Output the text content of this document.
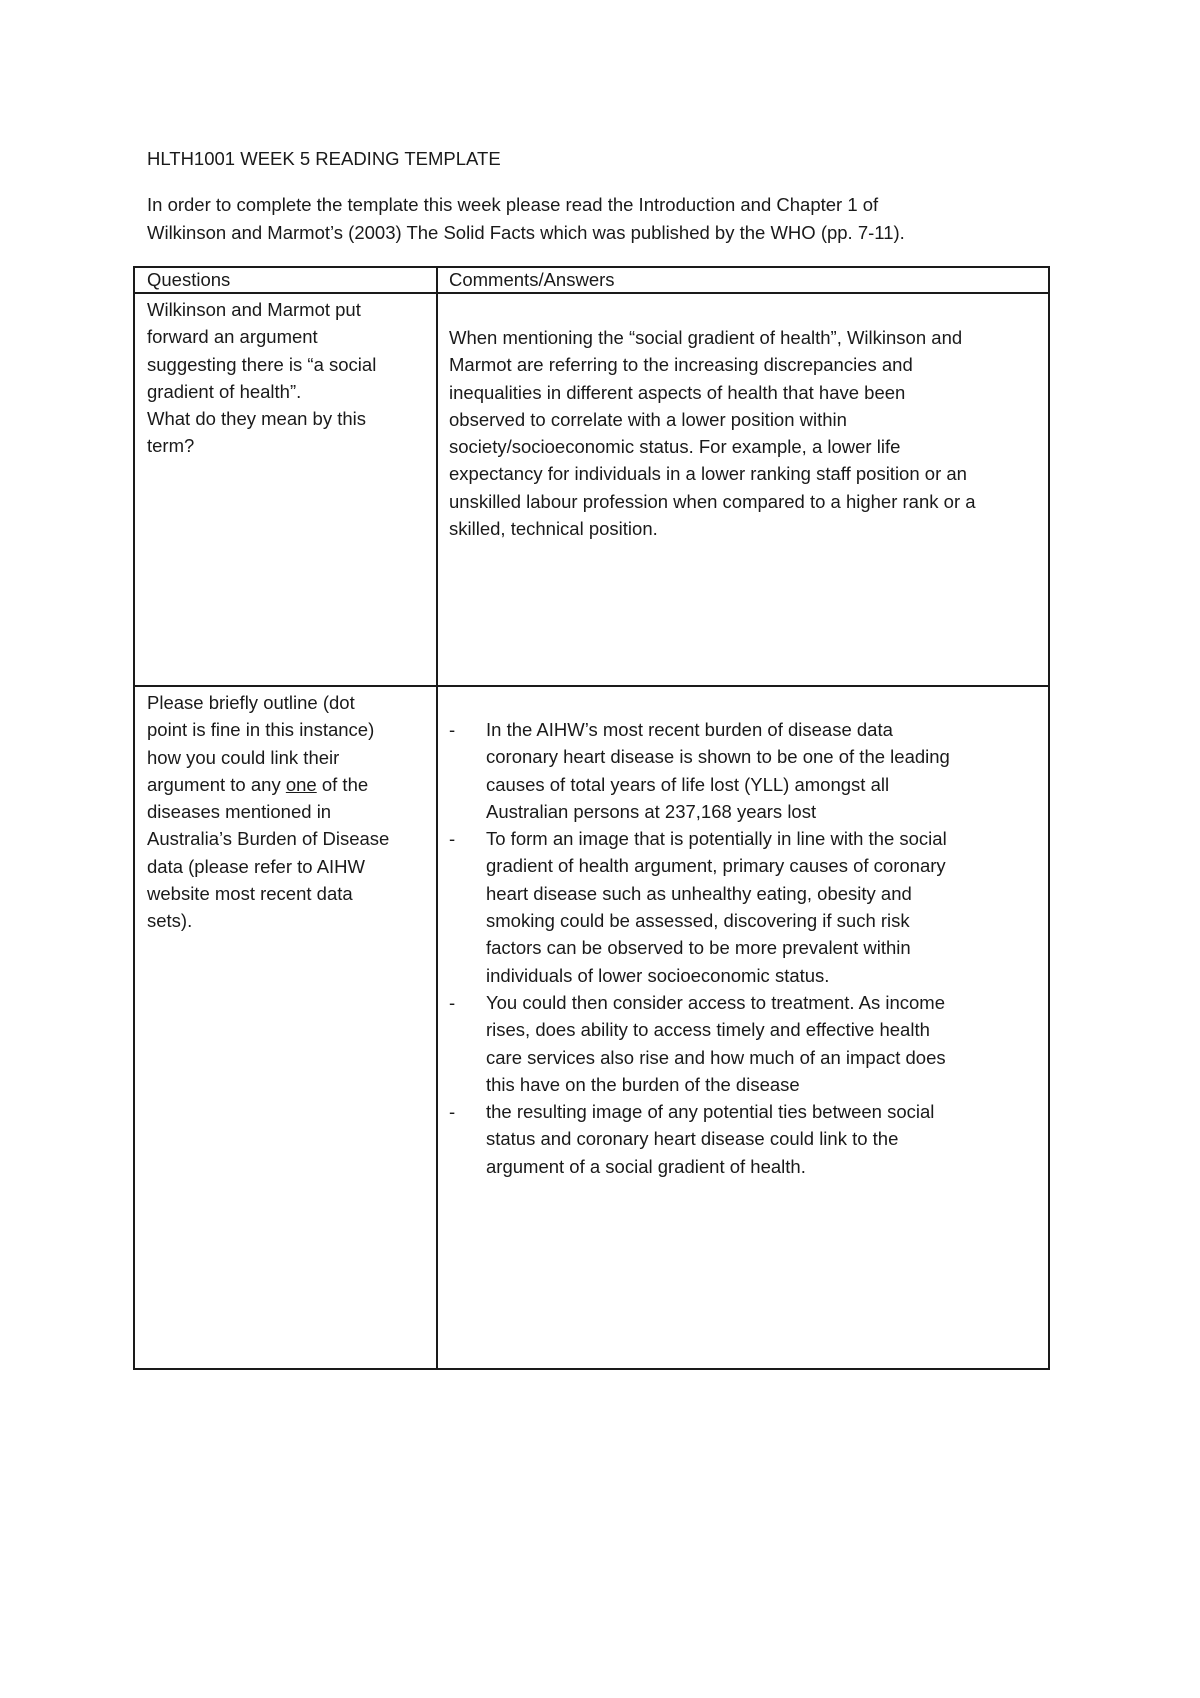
HLTH1001 WEEK 5 READING TEMPLATE
In order to complete the template this week please read the Introduction and Chapter 1 of
Wilkinson and Marmot’s (2003) The Solid Facts which was published by the WHO (pp. 7-11).
Questions	Comments/Answers
Wilkinson and Marmot put
forward an argument
suggesting there is “a social
gradient of health”.
What do they mean by this
term?
When mentioning the “social gradient of health”, Wilkinson and
Marmot are referring to the increasing discrepancies and
inequalities in different aspects of health that have been
observed to correlate with a lower position within
society/socioeconomic status. For example, a lower life
expectancy for individuals in a lower ranking staff position or an
unskilled labour profession when compared to a higher rank or a
skilled, technical position.
Please briefly outline (dot
point is fine in this instance)
how you could link their
argument to any one of the
diseases mentioned in
Australia’s Burden of Disease
data (please refer to AIHW
website most recent data
sets).
- In the AIHW’s most recent burden of disease data
coronary heart disease is shown to be one of the leading
causes of total years of life lost (YLL) amongst all
Australian persons at 237,168 years lost
- To form an image that is potentially in line with the social
gradient of health argument, primary causes of coronary
heart disease such as unhealthy eating, obesity and
smoking could be assessed, discovering if such risk
factors can be observed to be more prevalent within
individuals of lower socioeconomic status.
- You could then consider access to treatment. As income
rises, does ability to access timely and effective health
care services also rise and how much of an impact does
this have on the burden of the disease
- the resulting image of any potential ties between social
status and coronary heart disease could link to the
argument of a social gradient of health.
